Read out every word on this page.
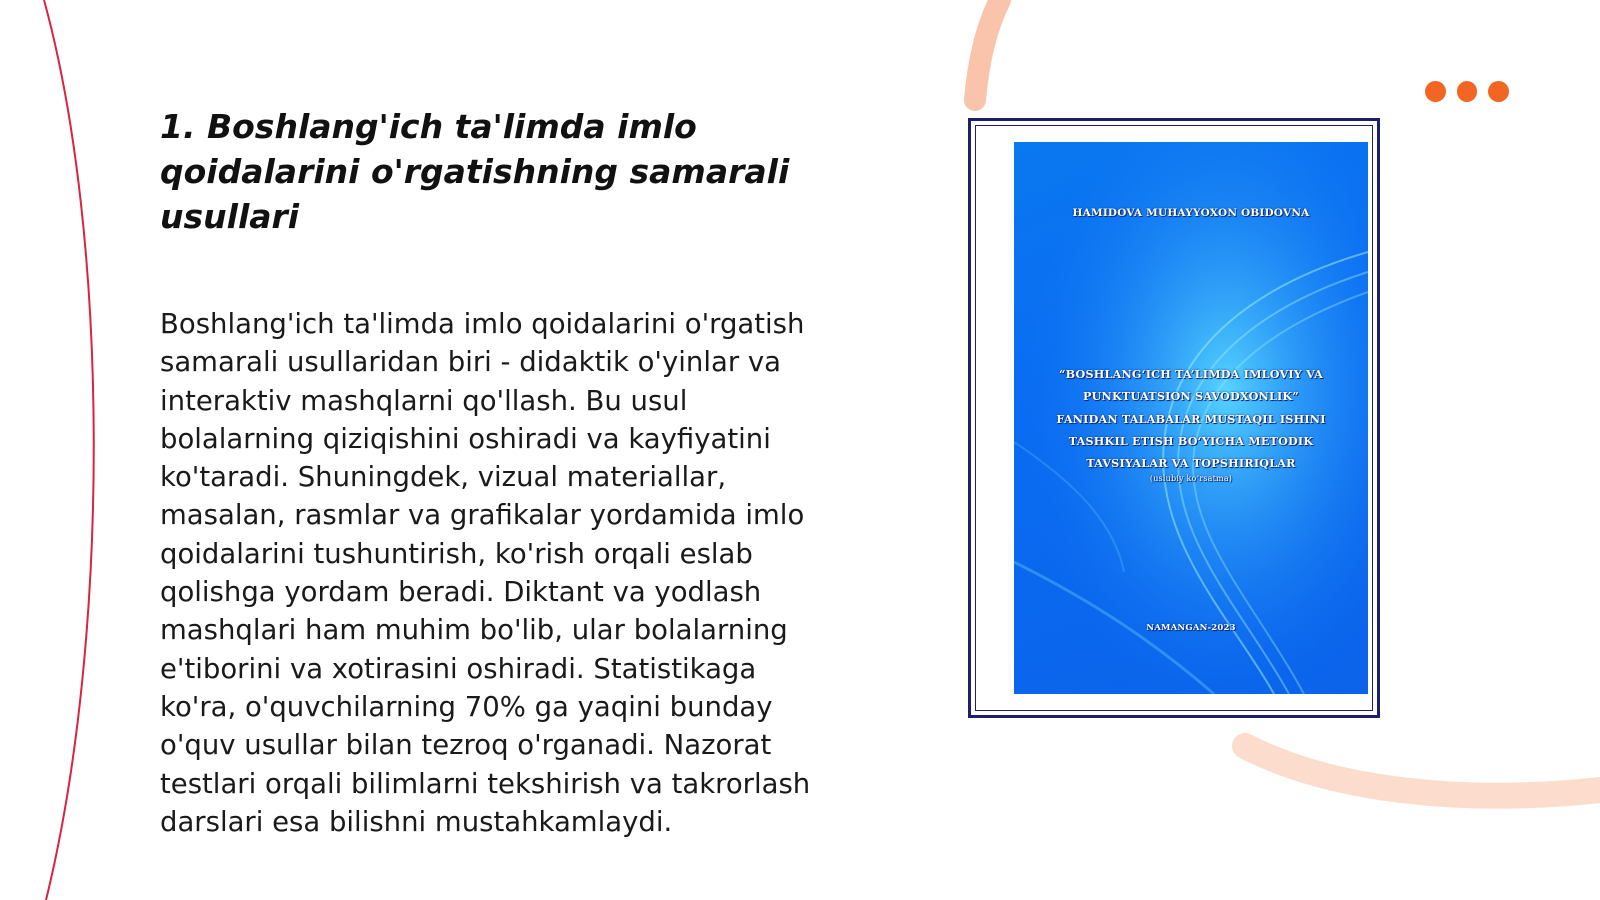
1. Boshlang'ich ta'limda imlo qoidalarini o'rgatishning samarali usullari

Boshlang'ich ta'limda imlo qoidalarini o'rgatish samarali usullaridan biri - didaktik o'yinlar va interaktiv mashqlarni qo'llash. Bu usul bolalarning qiziqishini oshiradi va kayfiyatini ko'taradi. Shuningdek, vizual materiallar, masalan, rasmlar va grafikalar yordamida imlo qoidalarini tushuntirish, ko'rish orqali eslab qolishga yordam beradi. Diktant va yodlash mashqlari ham muhim bo'lib, ular bolalarning e'tiborini va xotirasini oshiradi. Statistikaga ko'ra, o'quvchilarning 70% ga yaqini bunday o'quv usullar bilan tezroq o'rganadi. Nazorat testlari orqali bilimlarni tekshirish va takrorlash darslari esa bilishni mustahkamlaydi.

HAMIDOVA MUHAYYOXON OBIDOVNA
“BOSHLANG‘ICH TA’LIMDA IMLOVIY VA PUNKTUATSION SAVODXONLIK” FANIDAN TALABALAR MUSTAQIL ISHINI TASHKIL ETISH BO‘YICHA METODIK TAVSIYALAR VA TOPSHIRIQLAR
(uslubiy ko’rsatma)
NAMANGAN-2023
